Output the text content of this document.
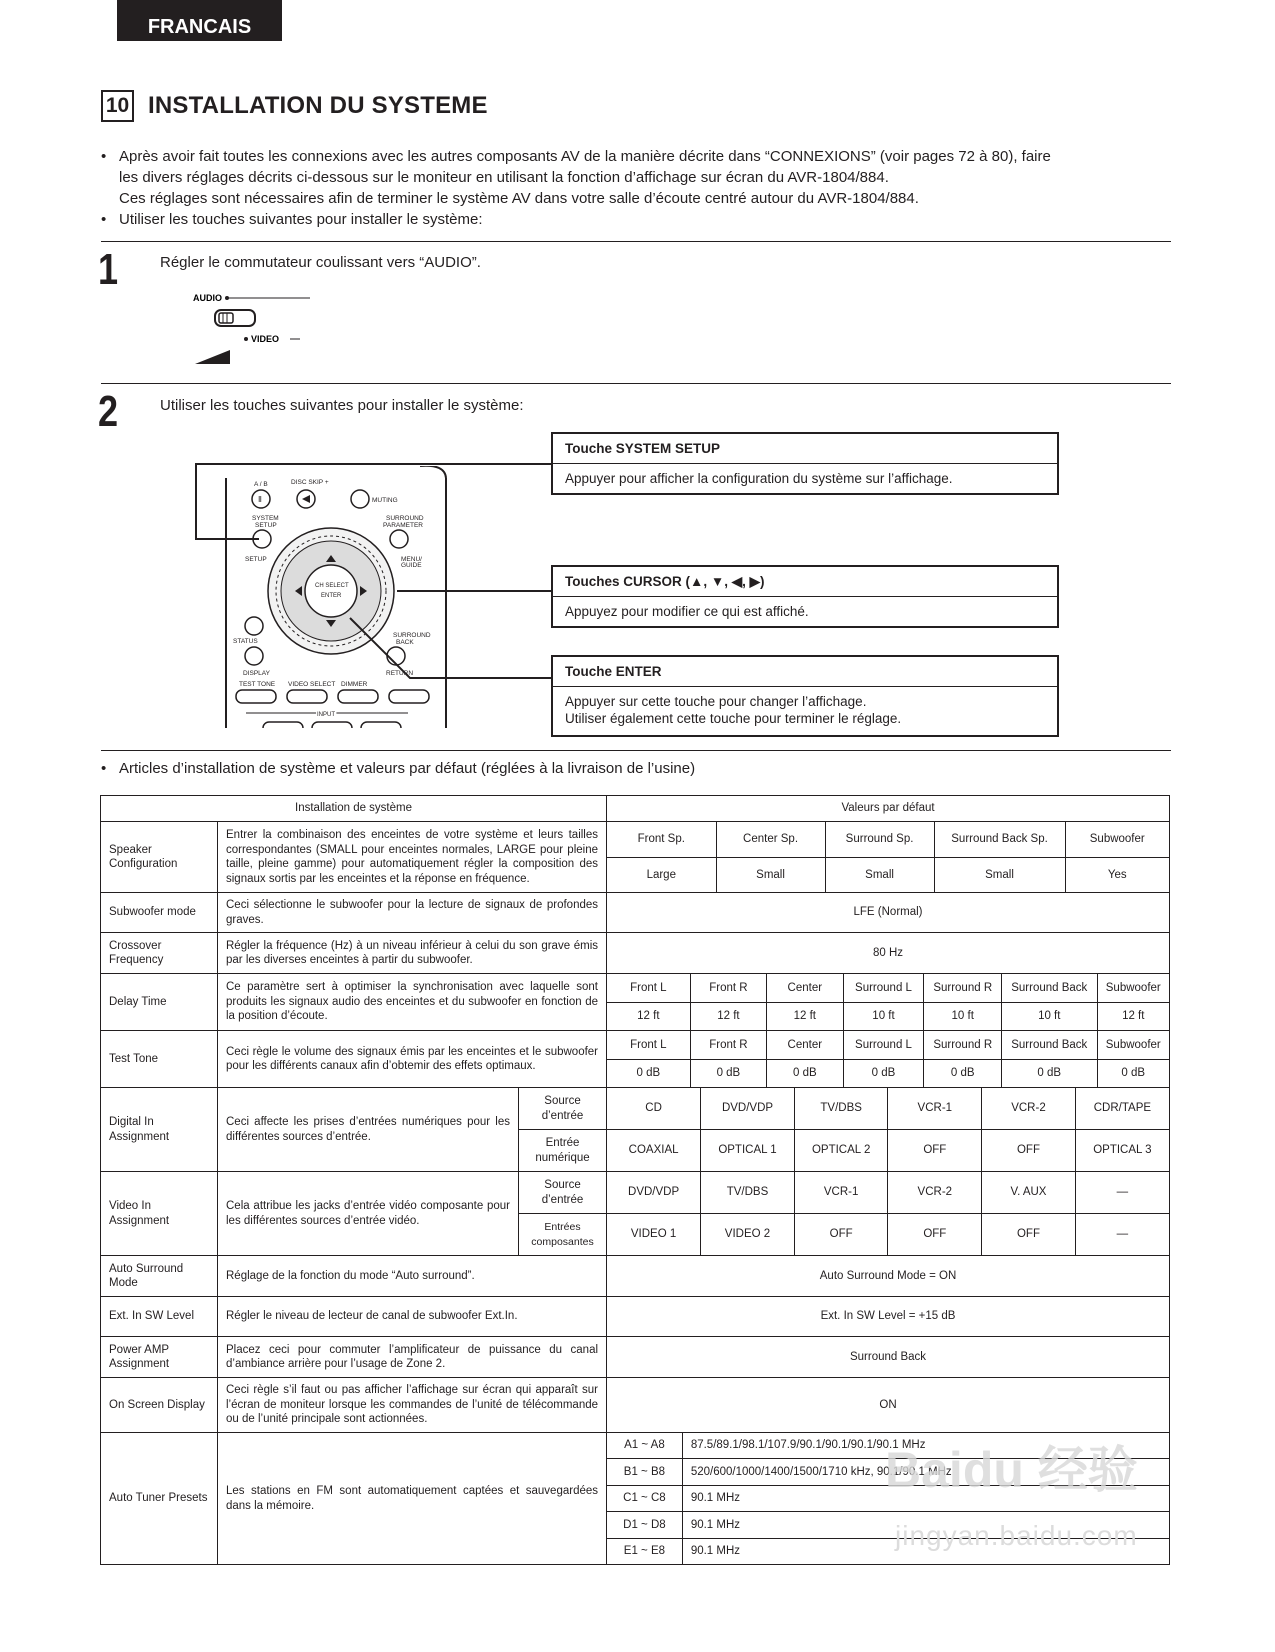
FRANCAIS
10 INSTALLATION DU SYSTEME
• Après avoir fait toutes les connexions avec les autres composants AV de la manière décrite dans “CONNEXIONS” (voir pages 72 à 80), faire
les divers réglages décrits ci-dessous sur le moniteur en utilisant la fonction d’affichage sur écran du AVR-1804/884.
Ces réglages sont nécessaires afin de terminer le système AV dans votre salle d’écoute centré autour du AVR-1804/884.
• Utiliser les touches suivantes pour installer le système:
1	Régler le commutateur coulissant vers “AUDIO”.
AUDIO
VIDEO
2	Utiliser les touches suivantes pour installer le système:
A / B
Ⅱ
DISC SKIP +
MUTING
SYSTEM
SETUP
SETUP
SURROUND
PARAMETER
MENU/
GUIDE
CH SELECT
ENTER
STATUS
DISPLAY
SURROUND
BACK
RETURN
TEST TONE VIDEO SELECT DIMMER
INPUT
Touche SYSTEM SETUP
Appuyer pour afficher la configuration du système sur l’affichage.
Touches CURSOR (▲, ▼, ◀, ▶)
Appuyez pour modifier ce qui est affiché.
Touche ENTER
Appuyer sur cette touche pour changer l’affichage.
Utiliser également cette touche pour terminer le réglage.
• Articles d’installation de système et valeurs par défaut (réglées à la livraison de l’usine)
Installation de système	Valeurs par défaut
Speaker Configuration	Entrer la combinaison des enceintes de votre système et leurs tailles correspondantes (SMALL pour enceintes normales, LARGE pour pleine taille, pleine gamme) pour automatiquement régler la composition des signaux sortis par les enceintes et la réponse en fréquence.	
Front Sp.	Center Sp.	Surround Sp.	Surround Back Sp.	Subwoofer
Large	Small	Small	Small	Yes

Subwoofer mode	Ceci sélectionne le subwoofer pour la lecture de signaux de profondes graves.	LFE (Normal)
Crossover Frequency	Régler la fréquence (Hz) à un niveau inférieur à celui du son grave émis par les diverses enceintes à partir du subwoofer.	80 Hz
Delay Time	Ce paramètre sert à optimiser la synchronisation avec laquelle sont produits les signaux audio des enceintes et du subwoofer en fonction de la position d’écoute.	
Front L	Front R	Center	Surround L	Surround R	Surround Back	Subwoofer
12 ft	12 ft	12 ft	10 ft	10 ft	10 ft	12 ft

Test Tone	Ceci règle le volume des signaux émis par les enceintes et le subwoofer pour les différents canaux afin d’obtemir des effets optimaux.	
Front L	Front R	Center	Surround L	Surround R	Surround Back	Subwoofer
0 dB	0 dB	0 dB	0 dB	0 dB	0 dB	0 dB

Digital In Assignment	Ceci affecte les prises d’entrées numériques pour les différentes sources d’entrée.	Source d’entrée	
CD	DVD/VDP	TV/DBS	VCR-1	VCR-2	CDR/TAPE

Entrée numérique	
COAXIAL	OPTICAL 1	OPTICAL 2	OFF	OFF	OPTICAL 3

Video In Assignment	Cela attribue les jacks d’entrée vidéo composante pour les différentes sources d’entrée vidéo.	Source d’entrée	
DVD/VDP	TV/DBS	VCR-1	VCR-2	V. AUX	—

Entrées composantes	
VIDEO 1	VIDEO 2	OFF	OFF	OFF	—

Auto Surround Mode	Réglage de la fonction du mode “Auto surround”.	Auto Surround Mode = ON
Ext. In SW Level	Régler le niveau de lecteur de canal de subwoofer Ext.In.	Ext. In SW Level = +15 dB
Power AMP Assignment	Placez ceci pour commuter l’amplificateur de puissance du canal d’ambiance arrière pour l’usage de Zone 2.	Surround Back
On Screen Display	Ceci règle s’il faut ou pas afficher l’affichage sur écran qui apparaît sur l’écran de moniteur lorsque les commandes de l’unité de télécommande ou de l’unité principale sont actionnées.	ON
Auto Tuner Presets	Les stations en FM sont automatiquement captées et sauvegardées dans la mémoire.	
A1 ~ A8	87.5/89.1/98.1/107.9/90.1/90.1/90.1/90.1 MHz
B1 ~ B8	520/600/1000/1400/1500/1710 kHz, 90.1/90.1 MHz
C1 ~ C8	90.1 MHz
D1 ~ D8	90.1 MHz
E1 ~ E8	90.1 MHz
Baidu 经验
jingyan.baidu.com
